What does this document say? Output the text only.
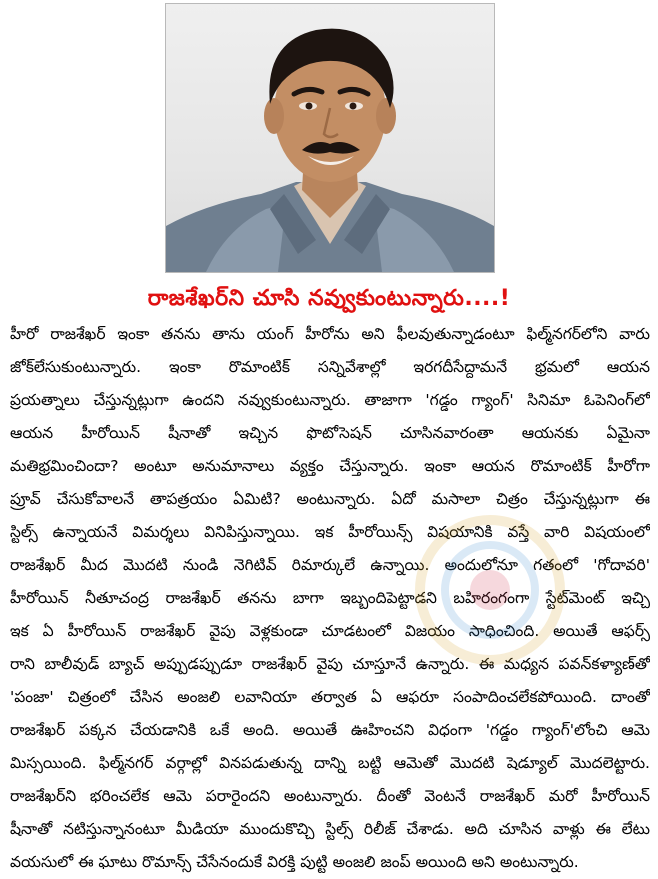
రాజశేఖర్‌ని చూసి నవ్వుకుంటున్నారు....!
హీరో రాజశేఖర్ ఇంకా తనను తాను యంగ్ హీరోను అని ఫీలవుతున్నాడంటూ ఫిల్మ్‌నగర్‌లోని వారు
జోక్‌లేసుకుంటున్నారు. ఇంకా రొమాంటిక్ సన్నివేశాల్లో ఇరగదీసేద్దామనే భ్రమలో ఆయన
ప్రయత్నాలు చేస్తున్నట్లుగా ఉందని నవ్వుకుంటున్నారు. తాజాగా 'గడ్డం గ్యాంగ్' సినిమా ఓపెనింగ్‌లో
ఆయన హీరోయిన్ షీనాతో ఇచ్చిన ఫొటోసెషన్ చూసినవారంతా ఆయనకు ఏమైనా
మతిభ్రమించిందా? అంటూ అనుమానాలు వ్యక్తం చేస్తున్నారు. ఇంకా ఆయన రొమాంటిక్ హీరోగా
ప్రూవ్ చేసుకోవాలనే తాపత్రయం ఏమిటి? అంటున్నారు. ఏదో మసాలా చిత్రం చేస్తున్నట్లుగా ఈ
స్టిల్స్ ఉన్నాయనే విమర్శలు వినిపిస్తున్నాయి. ఇక హీరోయిన్స్ విషయానికి వస్తే వారి విషయంలో
రాజశేఖర్ మీద మొదటి నుండి నెగిటివ్ రిమార్కులే ఉన్నాయి. అందులోనూ గతంలో 'గోదావరి'
హీరోయిన్ నీతూచంద్ర రాజశేఖర్ తనను బాగా ఇబ్బందిపెట్టాడని బహిరంగంగా స్టేట్‌మెంట్ ఇచ్చి
ఇక ఏ హీరోయిన్ రాజశేఖర్ వైపు వెళ్లకుండా చూడటంలో విజయం సాధించింది. అయితే ఆఫర్స్
రాని బాలీవుడ్ బ్యాచ్ అప్పుడప్పుడూ రాజశేఖర్ వైపు చూస్తూనే ఉన్నారు. ఈ మధ్యన పవన్‌కళ్యాణ్‌తో
'పంజా' చిత్రంలో చేసిన అంజలి లవానియా తర్వాత ఏ ఆఫరూ సంపాదించలేకపోయింది. దాంతో
రాజశేఖర్ పక్కన చేయడానికి ఒకే అంది. అయితే ఊహించని విధంగా 'గడ్డం గ్యాంగ్'లోంచి ఆమె
మిస్సయింది. ఫిల్మ్‌నగర్ వర్గాల్లో వినపడుతున్న దాన్ని బట్టి ఆమెతో మొదటి షెడ్యూల్ మొదలెట్టారు.
రాజశేఖర్‌ని భరించలేక ఆమె పరారైందని అంటున్నారు. దీంతో వెంటనే రాజశేఖర్ మరో హీరోయిన్
షీనాతో నటిస్తున్నానంటూ మీడియా ముందుకొచ్చి స్టిల్స్ రిలీజ్ చేశాడు. అది చూసిన వాళ్లు ఈ లేటు
వయసులో ఈ ఘాటు రొమాన్స్ చేసేనందుకే విరక్తి పుట్టి అంజలి జంప్ అయింది అని అంటున్నారు.
